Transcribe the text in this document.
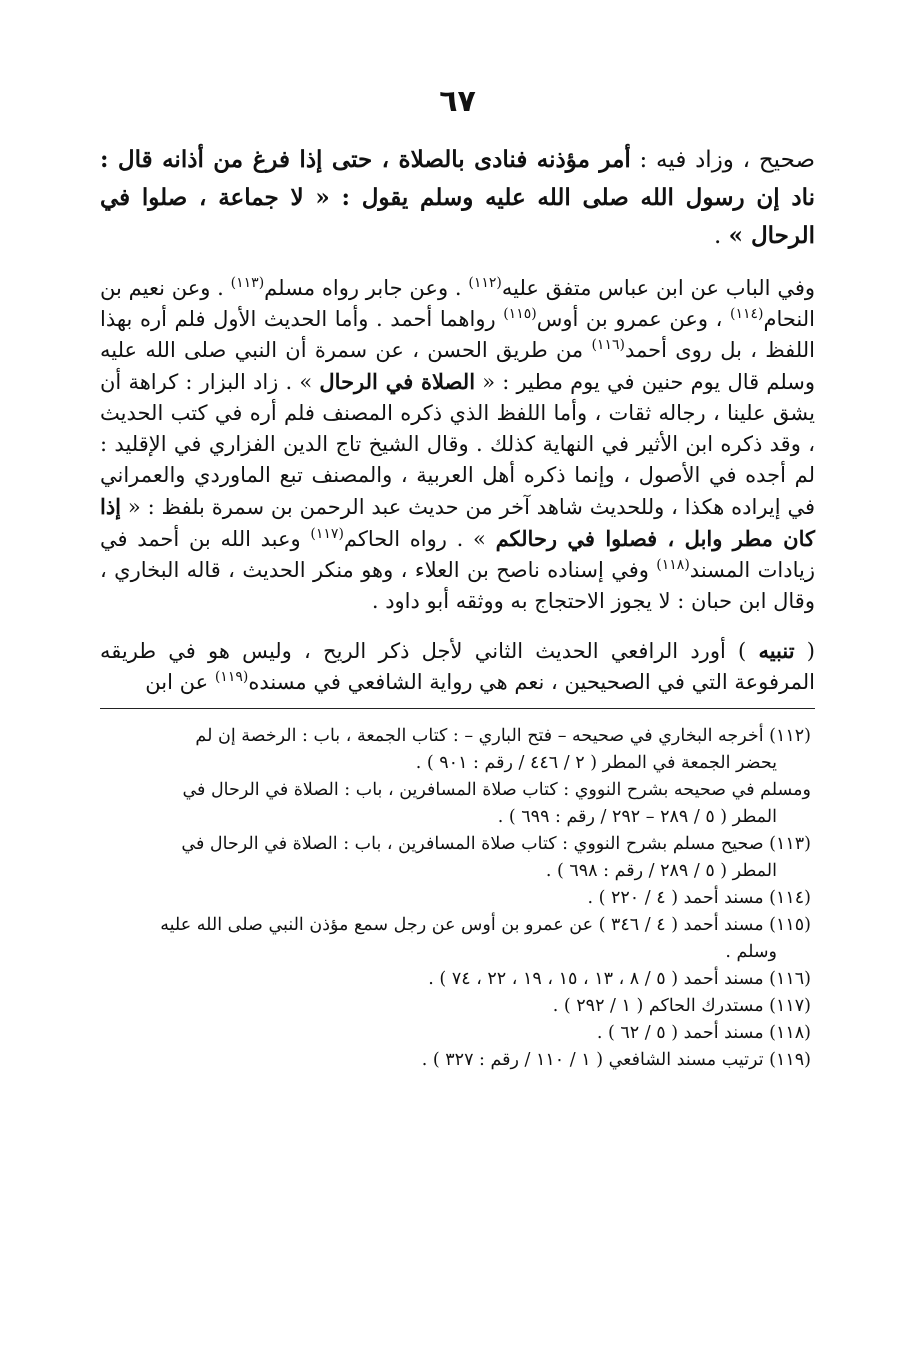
٦٧

صحيح ، وزاد فيه : أمر مؤذنه فنادى بالصلاة ، حتى إذا فرغ من أذانه قال : ناد إن رسول الله صلى الله عليه وسلم يقول : « لا جماعة ، صلوا في الرحال » .

وفي الباب عن ابن عباس متفق عليه$^{(١١٢)}$ . وعن جابر رواه مسلم$^{(١١٣)}$ . وعن نعيم بن النحام$^{(١١٤)}$ ، وعن عمرو بن أوس$^{(١١٥)}$ رواهما أحمد . وأما الحديث الأول فلم أره بهذا اللفظ ، بل روى أحمد$^{(١١٦)}$ من طريق الحسن ، عن سمرة أن النبي صلى الله عليه وسلم قال يوم حنين في يوم مطير : « الصلاة في الرحال » . زاد البزار : كراهة أن يشق علينا ، رجاله ثقات ، وأما اللفظ الذي ذكره المصنف فلم أره في كتب الحديث ، وقد ذكره ابن الأثير في النهاية كذلك . وقال الشيخ تاج الدين الفزاري في الإقليد : لم أجده في الأصول ، وإنما ذكره أهل العربية ، والمصنف تبع الماوردي والعمراني في إيراده هكذا ، وللحديث شاهد آخر من حديث عبد الرحمن بن سمرة بلفظ : « إذا كان مطر وابل ، فصلوا في رحالكم » . رواه الحاكم$^{(١١٧)}$ وعبد الله بن أحمد في زيادات المسند$^{(١١٨)}$ وفي إسناده ناصح بن العلاء ، وهو منكر الحديث ، قاله البخاري ، وقال ابن حبان : لا يجوز الاحتجاج به ووثقه أبو داود .

( تنبيه ) أورد الرافعي الحديث الثاني لأجل ذكر الريح ، وليس هو في طريقه المرفوعة التي في الصحيحين ، نعم هي رواية الشافعي في مسنده$^{(١١٩)}$ عن ابن

(١١٢) أخرجه البخاري في صحيحه – فتح الباري – : كتاب الجمعة ، باب : الرخصة إن لم
يحضر الجمعة في المطر ( ٢ / ٤٤٦ / رقم : ٩٠١ ) .

ومسلم في صحيحه بشرح النووي : كتاب صلاة المسافرين ، باب : الصلاة في الرحال في
المطر ( ٥ / ٢٨٩ – ٢٩٢ / رقم : ٦٩٩ ) .

(١١٣) صحيح مسلم بشرح النووي : كتاب صلاة المسافرين ، باب : الصلاة في الرحال في
المطر ( ٥ / ٢٨٩ / رقم : ٦٩٨ ) .

(١١٤) مسند أحمد ( ٤ / ٢٢٠ ) .

(١١٥) مسند أحمد ( ٤ / ٣٤٦ ) عن عمرو بن أوس عن رجل سمع مؤذن النبي صلى الله عليه
وسلم .

(١١٦) مسند أحمد ( ٥ / ٨ ، ١٣ ، ١٥ ، ١٩ ، ٢٢ ، ٧٤ ) .

(١١٧) مستدرك الحاكم ( ١ / ٢٩٢ ) .

(١١٨) مسند أحمد ( ٥ / ٦٢ ) .

(١١٩) ترتيب مسند الشافعي ( ١ / ١١٠ / رقم : ٣٢٧ ) .
